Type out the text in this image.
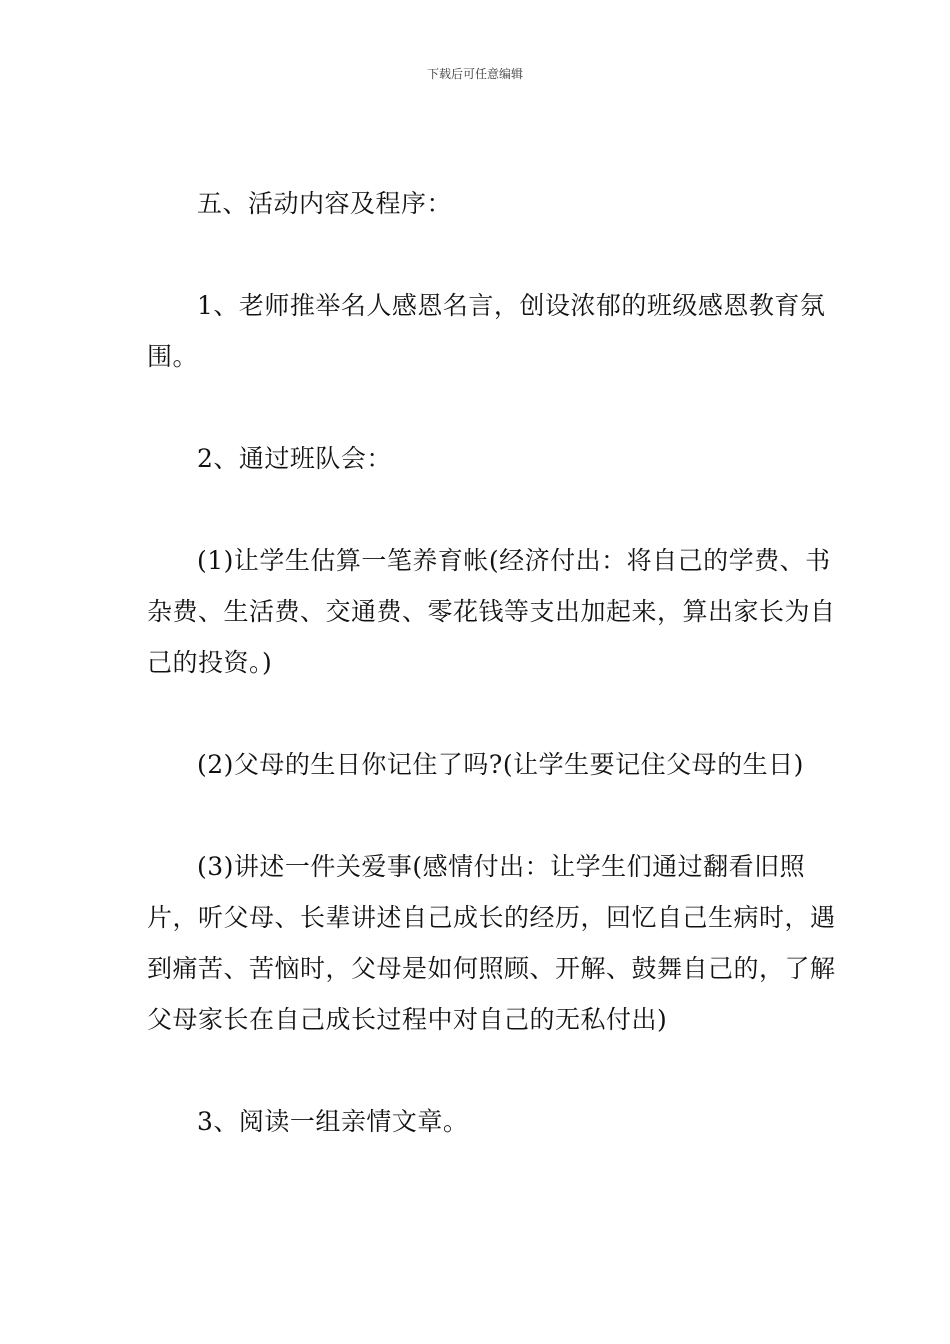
下载后可任意编辑

五、活动内容及程序：

1、老师推举名人感恩名言，创设浓郁的班级感恩教育氛围。

2、通过班队会：

(1)让学生估算一笔养育帐(经济付出：将自己的学费、书杂费、生活费、交通费、零花钱等支出加起来，算出家长为自己的投资。)

(2)父母的生日你记住了吗?(让学生要记住父母的生日)

(3)讲述一件关爱事(感情付出：让学生们通过翻看旧照片，听父母、长辈讲述自己成长的经历，回忆自己生病时，遇到痛苦、苦恼时，父母是如何照顾、开解、鼓舞自己的，了解父母家长在自己成长过程中对自己的无私付出)

3、阅读一组亲情文章。
